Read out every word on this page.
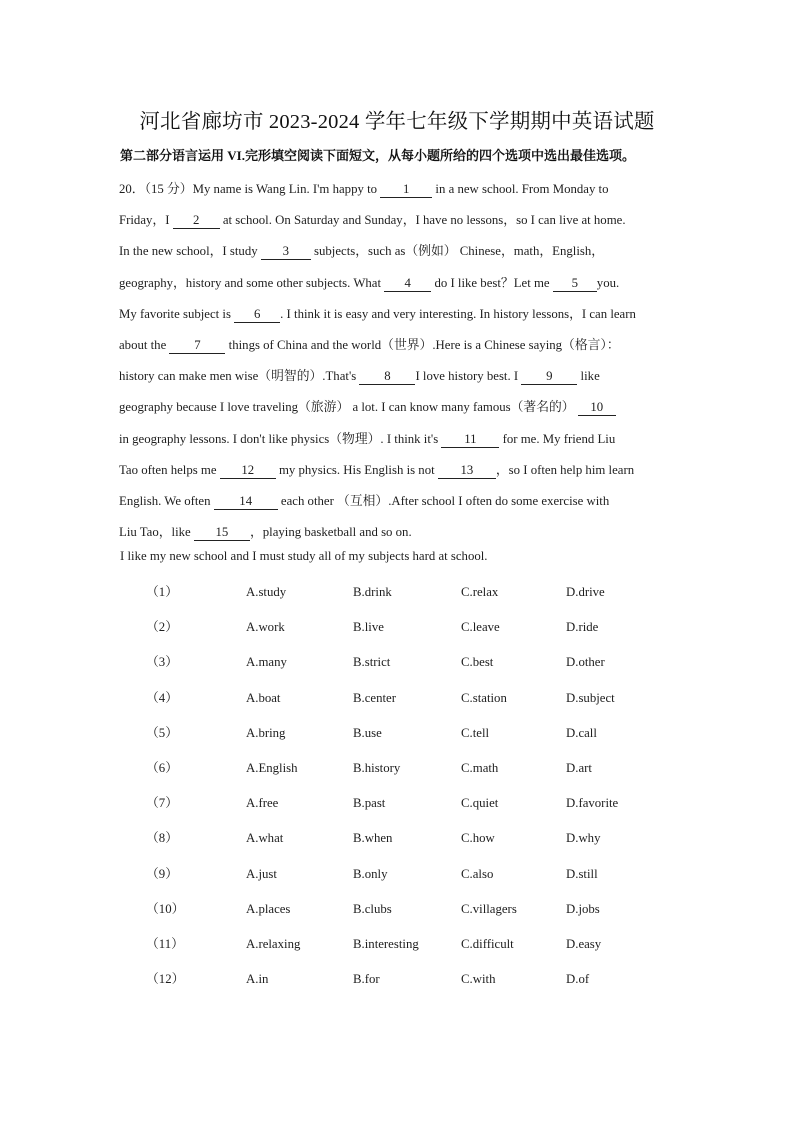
河北省廊坊市 2023-2024 学年七年级下学期期中英语试题
第二部分语言运用 VI.完形填空阅读下面短文，从每小题所给的四个选项中选出最佳选项。
20．（15 分）My name is Wang Lin. I'm happy to 1 in a new school. From Monday to
Friday，I 2 at school. On Saturday and Sunday，I have no lessons，so I can live at home.
In the new school，I study 3 subjects，such as（例如） Chinese，math，English，
geography，history and some other subjects. What 4 do I like best？Let me 5 you.
My favorite subject is 6 . I think it is easy and very interesting. In history lessons，I can learn
about the 7 things of China and the world（世界）.Here is a Chinese saying（格言）：
history can make men wise（明智的）.That's 8 I love history best. I 9 like
geography because I love traveling（旅游） a lot. I can know many famous（著名的） 10
in geography lessons. I don't like physics（物理）. I think it's 11 for me. My friend Liu
Tao often helps me 12 my physics. His English is not 13 ，so I often help him learn
English. We often 14 each other （互相）.After school I often do some exercise with
Liu Tao，like 15 ，playing basketball and so on.
I like my new school and I must study all of my subjects hard at school.
（1）	A.study	B.drink	C.relax	D.drive
（2）	A.work	B.live	C.leave	D.ride
（3）	A.many	B.strict	C.best	D.other
（4）	A.boat	B.center	C.station	D.subject
（5）	A.bring	B.use	C.tell	D.call
（6）	A.English	B.history	C.math	D.art
（7）	A.free	B.past	C.quiet	D.favorite
（8）	A.what	B.when	C.how	D.why
（9）	A.just	B.only	C.also	D.still
（10）	A.places	B.clubs	C.villagers	D.jobs
（11）	A.relaxing	B.interesting	C.difficult	D.easy
（12）	A.in	B.for	C.with	D.of
